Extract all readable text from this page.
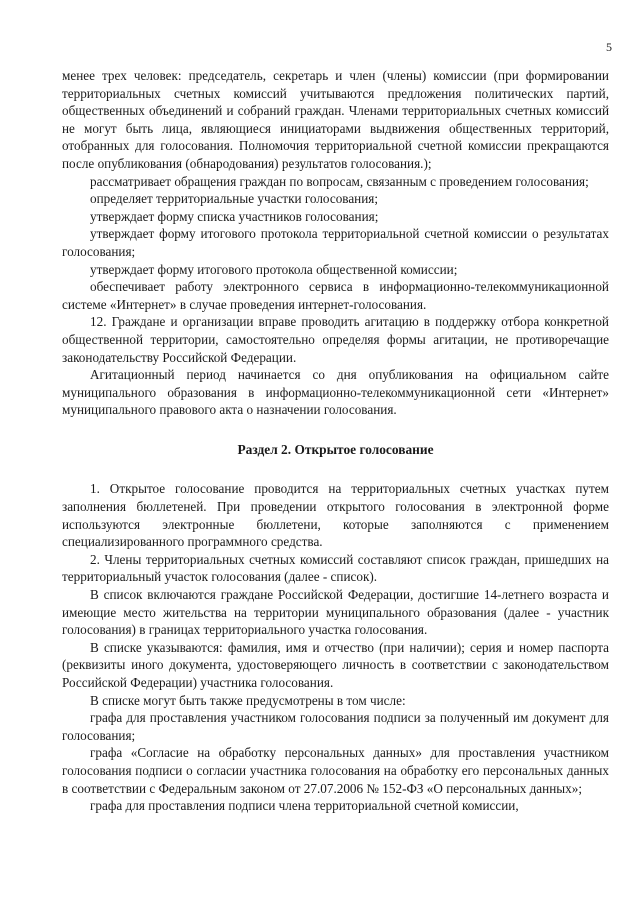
5

менее трех человек: председатель, секретарь и член (члены) комиссии (при формировании территориальных счетных комиссий учитываются предложения политических партий, общественных объединений и собраний граждан. Членами территориальных счетных комиссий не могут быть лица, являющиеся инициаторами выдвижения общественных территорий, отобранных для голосования. Полномочия территориальной счетной комиссии прекращаются после опубликования (обнародования) результатов голосования.);

рассматривает обращения граждан по вопросам, связанным с проведением голосования;

определяет территориальные участки голосования;

утверждает форму списка участников голосования;

утверждает форму итогового протокола территориальной счетной комиссии о результатах голосования;

утверждает форму итогового протокола общественной комиссии;

обеспечивает работу электронного сервиса в информационно-телекоммуникационной системе «Интернет» в случае проведения интернет-голосования.

12. Граждане и организации вправе проводить агитацию в поддержку отбора конкретной общественной территории, самостоятельно определяя формы агитации, не противоречащие законодательству Российской Федерации.

Агитационный период начинается со дня опубликования на официальном сайте муниципального образования в информационно-телекоммуникационной сети «Интернет» муниципального правового акта о назначении голосования.

Раздел 2. Открытое голосование

1. Открытое голосование проводится на территориальных счетных участках путем заполнения бюллетеней. При проведении открытого голосования в электронной форме используются электронные бюллетени, которые заполняются с применением специализированного программного средства.

2. Члены территориальных счетных комиссий составляют список граждан, пришедших на территориальный участок голосования (далее - список).

В список включаются граждане Российской Федерации, достигшие 14-летнего возраста и имеющие место жительства на территории муниципального образования (далее - участник голосования) в границах территориального участка голосования.

В списке указываются: фамилия, имя и отчество (при наличии); серия и номер паспорта (реквизиты иного документа, удостоверяющего личность в соответствии с законодательством Российской Федерации) участника голосования.

В списке могут быть также предусмотрены в том числе:

графа для проставления участником голосования подписи за полученный им документ для голосования;

графа «Согласие на обработку персональных данных» для проставления участником голосования подписи о согласии участника голосования на обработку его персональных данных в соответствии с Федеральным законом от 27.07.2006 № 152-ФЗ «О персональных данных»;

графа для проставления подписи члена территориальной счетной комиссии,
